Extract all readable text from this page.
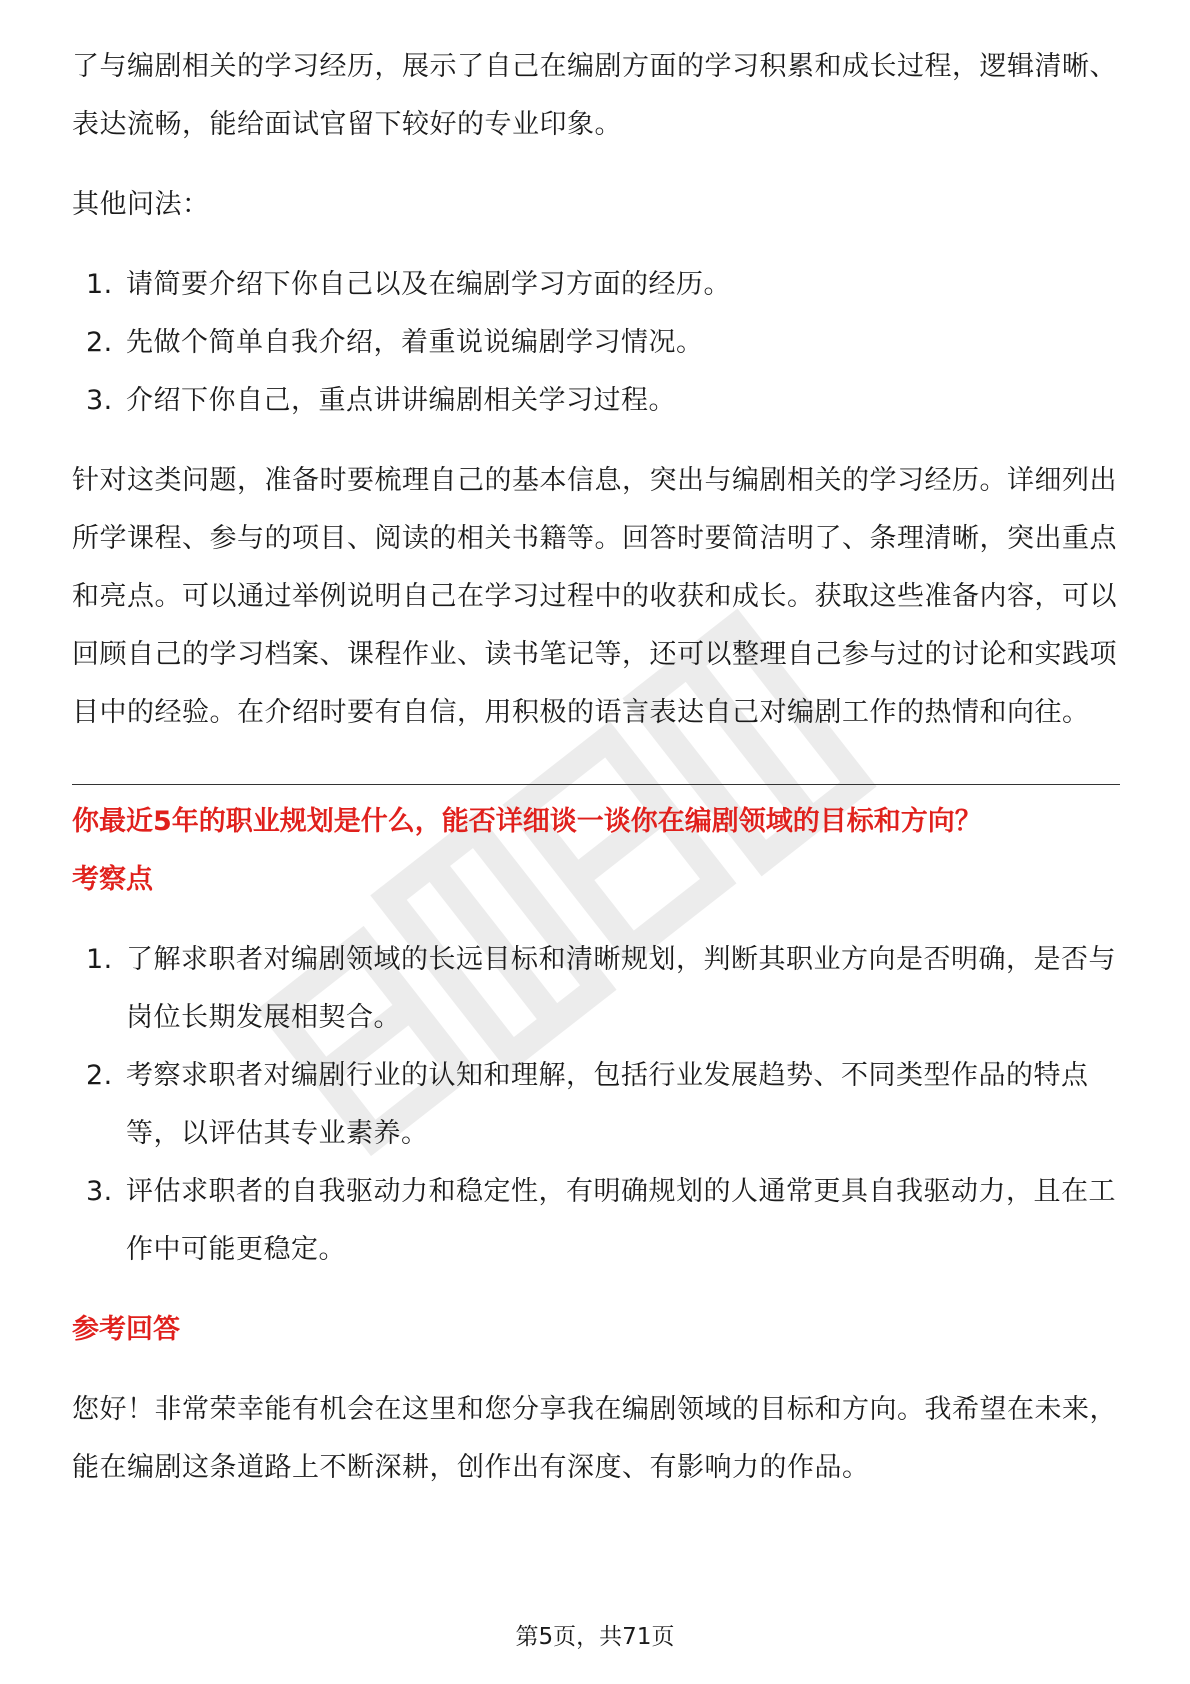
了与编剧相关的学习经历，展示了自己在编剧方面的学习积累和成长过程，逻辑清晰、表达流畅，能给面试官留下较好的专业印象。

其他问法：

1. 请简要介绍下你自己以及在编剧学习方面的经历。
2. 先做个简单自我介绍，着重说说编剧学习情况。
3. 介绍下你自己，重点讲讲编剧相关学习过程。

针对这类问题，准备时要梳理自己的基本信息，突出与编剧相关的学习经历。详细列出所学课程、参与的项目、阅读的相关书籍等。回答时要简洁明了、条理清晰，突出重点和亮点。可以通过举例说明自己在学习过程中的收获和成长。获取这些准备内容，可以回顾自己的学习档案、课程作业、读书笔记等，还可以整理自己参与过的讨论和实践项目中的经验。在介绍时要有自信，用积极的语言表达自己对编剧工作的热情和向往。

你最近5年的职业规划是什么，能否详细谈一谈你在编剧领域的目标和方向？

考察点

1. 了解求职者对编剧领域的长远目标和清晰规划，判断其职业方向是否明确，是否与岗位长期发展相契合。
2. 考察求职者对编剧行业的认知和理解，包括行业发展趋势、不同类型作品的特点等，以评估其专业素养。
3. 评估求职者的自我驱动力和稳定性，有明确规划的人通常更具自我驱动力，且在工作中可能更稳定。

参考回答

您好！非常荣幸能有机会在这里和您分享我在编剧领域的目标和方向。我希望在未来，能在编剧这条道路上不断深耕，创作出有深度、有影响力的作品。

第5页，共71页
